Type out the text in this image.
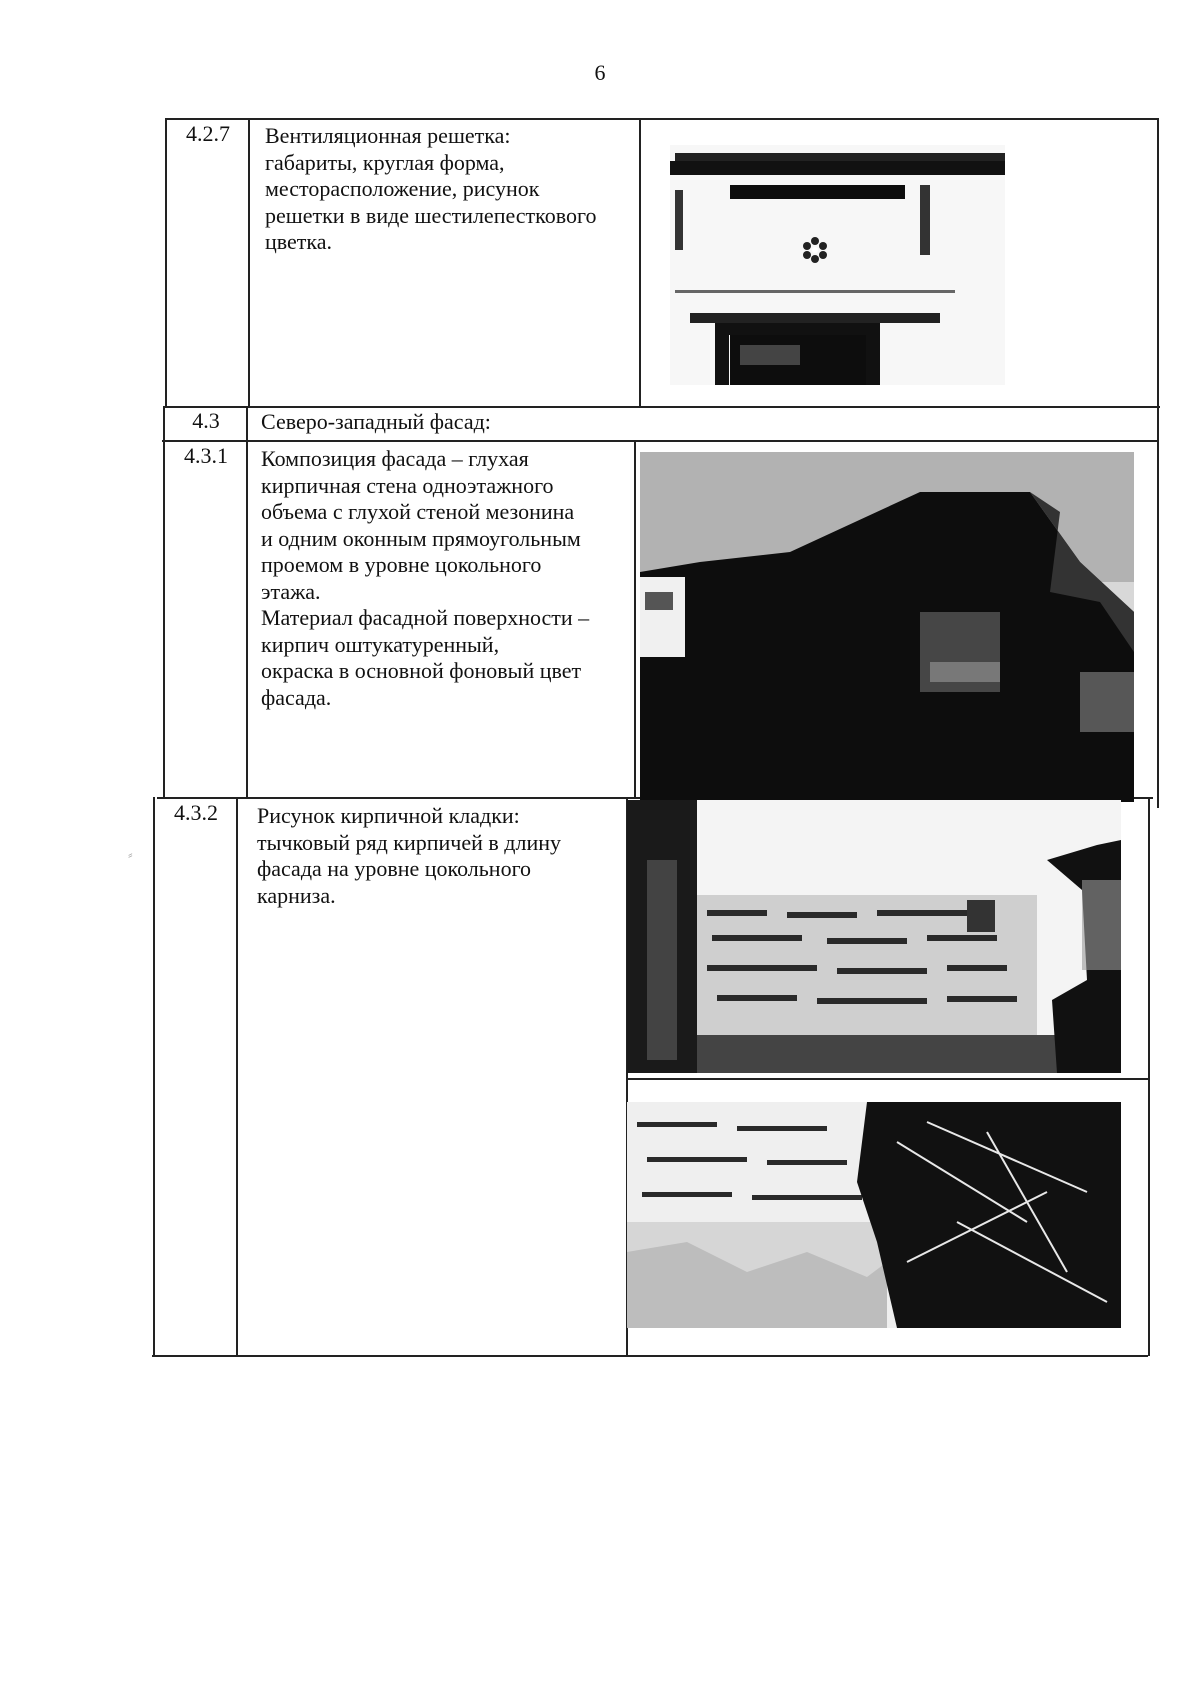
6
4.2.7
4.3
4.3.1
4.3.2
Вентиляционная решетка:
габариты, круглая форма,
месторасположение, рисунок
решетки в виде шестилепесткового
цветка.
Северо-западный фасад:
Композиция фасада – глухая
кирпичная стена одноэтажного
объема с глухой стеной мезонина
и одним оконным прямоугольным
проемом в уровне цокольного
этажа.
Материал фасадной поверхности –
кирпич оштукатуренный,
окраска в основной фоновый цвет
фасада.
Рисунок кирпичной кладки:
тычковый ряд кирпичей в длину
фасада на уровне цокольного
карниза.
⸗
